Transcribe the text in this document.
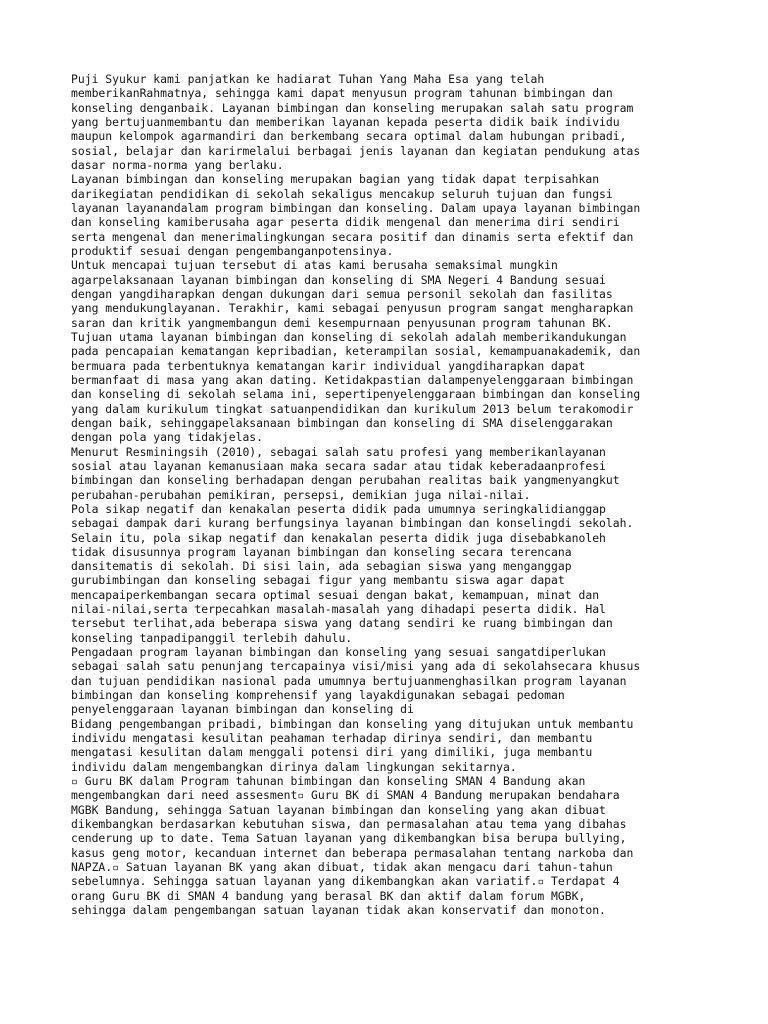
Puji Syukur kami panjatkan ke hadiarat Tuhan Yang Maha Esa yang telah
memberikanRahmatnya, sehingga kami dapat menyusun program tahunan bimbingan dan
konseling denganbaik. Layanan bimbingan dan konseling merupakan salah satu program
yang bertujuanmembantu dan memberikan layanan kepada peserta didik baik individu
maupun kelompok agarmandiri dan berkembang secara optimal dalam hubungan pribadi,
sosial, belajar dan karirmelalui berbagai jenis layanan dan kegiatan pendukung atas
dasar norma-norma yang berlaku.

Layanan bimbingan dan konseling merupakan bagian yang tidak dapat terpisahkan
darikegiatan pendidikan di sekolah sekaligus mencakup seluruh tujuan dan fungsi
layanan layanandalam program bimbingan dan konseling. Dalam upaya layanan bimbingan
dan konseling kamiberusaha agar peserta didik mengenal dan menerima diri sendiri
serta mengenal dan menerimalingkungan secara positif dan dinamis serta efektif dan
produktif sesuai dengan pengembanganpotensinya.

Untuk mencapai tujuan tersebut di atas kami berusaha semaksimal mungkin
agarpelaksanaan layanan bimbingan dan konseling di SMA Negeri 4 Bandung sesuai
dengan yangdiharapkan dengan dukungan dari semua personil sekolah dan fasilitas
yang mendukunglayanan. Terakhir, kami sebagai penyusun program sangat mengharapkan
saran dan kritik yangmembangun demi kesempurnaan penyusunan program tahunan BK.

Tujuan utama layanan bimbingan dan konseling di sekolah adalah memberikandukungan
pada pencapaian kematangan kepribadian, keterampilan sosial, kemampuanakademik, dan
bermuara pada terbentuknya kematangan karir individual yangdiharapkan dapat
bermanfaat di masa yang akan dating. Ketidakpastian dalampenyelenggaraan bimbingan
dan konseling di sekolah selama ini, sepertipenyelenggaraan bimbingan dan konseling
yang dalam kurikulum tingkat satuanpendidikan dan kurikulum 2013 belum terakomodir
dengan baik, sehinggapelaksanaan bimbingan dan konseling di SMA diselenggarakan
dengan pola yang tidakjelas.

Menurut Resminingsih (2010), sebagai salah satu profesi yang memberikanlayanan
sosial atau layanan kemanusiaan maka secara sadar atau tidak keberadaanprofesi
bimbingan dan konseling berhadapan dengan perubahan realitas baik yangmenyangkut
perubahan-perubahan pemikiran, persepsi, demikian juga nilai-nilai.

Pola sikap negatif dan kenakalan peserta didik pada umumnya seringkalidianggap
sebagai dampak dari kurang berfungsinya layanan bimbingan dan konselingdi sekolah.
Selain itu, pola sikap negatif dan kenakalan peserta didik juga disebabkanoleh
tidak disusunnya program layanan bimbingan dan konseling secara terencana
dansitematis di sekolah. Di sisi lain, ada sebagian siswa yang menganggap
gurubimbingan dan konseling sebagai figur yang membantu siswa agar dapat
mencapaiperkembangan secara optimal sesuai dengan bakat, kemampuan, minat dan
nilai-nilai,serta terpecahkan masalah-masalah yang dihadapi peserta didik. Hal
tersebut terlihat,ada beberapa siswa yang datang sendiri ke ruang bimbingan dan
konseling tanpadipanggil terlebih dahulu.

Pengadaan program layanan bimbingan dan konseling yang sesuai sangatdiperlukan
sebagai salah satu penunjang tercapainya visi/misi yang ada di sekolahsecara khusus
dan tujuan pendidikan nasional pada umumnya bertujuanmenghasilkan program layanan
bimbingan dan konseling komprehensif yang layakdigunakan sebagai pedoman
penyelenggaraan layanan bimbingan dan konseling di

Bidang pengembangan pribadi, bimbingan dan konseling yang ditujukan untuk membantu
individu mengatasi kesulitan peahaman terhadap dirinya sendiri, dan membantu
mengatasi kesulitan dalam menggali potensi diri yang dimiliki, juga membantu
individu dalam mengembangkan dirinya dalam lingkungan sekitarnya.

▫ Guru BK dalam Program tahunan bimbingan dan konseling SMAN 4 Bandung akan
mengembangkan dari need assesment▫ Guru BK di SMAN 4 Bandung merupakan bendahara
MGBK Bandung, sehingga Satuan layanan bimbingan dan konseling yang akan dibuat
dikembangkan berdasarkan kebutuhan siswa, dan permasalahan atau tema yang dibahas
cenderung up to date. Tema Satuan layanan yang dikembangkan bisa berupa bullying,
kasus geng motor, kecanduan internet dan beberapa permasalahan tentang narkoba dan
NAPZA.▫ Satuan layanan BK yang akan dibuat, tidak akan mengacu dari tahun-tahun
sebelumnya. Sehingga satuan layanan yang dikembangkan akan variatif.▫ Terdapat 4
orang Guru BK di SMAN 4 bandung yang berasal BK dan aktif dalam forum MGBK,
sehingga dalam pengembangan satuan layanan tidak akan konservatif dan monoton.
